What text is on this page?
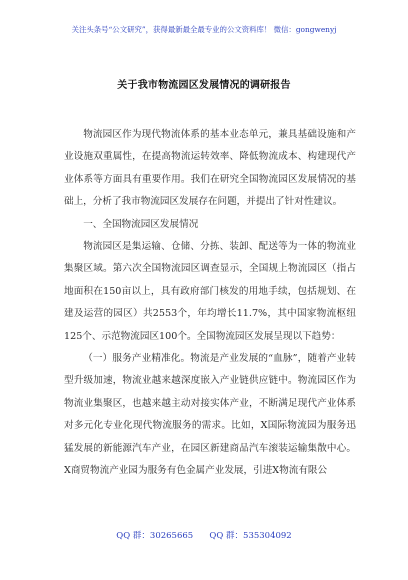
关注头条号“公文研究”，获得最新最全最专业的公文资料库！ 微信：gongwenyj
关于我市物流园区发展情况的调研报告

物流园区作为现代物流体系的基本业态单元，兼具基础设施和产业设施双重属性，在提高物流运转效率、降低物流成本、构建现代产业体系等方面具有重要作用。我们在研究全国物流园区发展情况的基础上，分析了我市物流园区发展存在问题，并提出了针对性建议。

一、全国物流园区发展情况

物流园区是集运输、仓储、分拣、装卸、配送等为一体的物流业集聚区域。第六次全国物流园区调查显示，全国规上物流园区（指占地面积在150亩以上，具有政府部门核发的用地手续，包括规划、在建及运营的园区）共2553个，年均增长11.7%，其中国家物流枢纽125个、示范物流园区100个。全国物流园区发展呈现以下趋势：

（一）服务产业精准化。物流是产业发展的“血脉”，随着产业转型升级加速，物流业越来越深度嵌入产业链供应链中。物流园区作为物流业集聚区，也越来越主动对接实体产业，不断满足现代产业体系对多元化专业化现代物流服务的需求。比如，X国际物流园为服务迅猛发展的新能源汽车产业，在园区新建商品汽车滚装运输集散中心。X商贸物流产业园为服务有色金属产业发展，引进X物流有限公

QQ 群：30265665      QQ 群：535304092
